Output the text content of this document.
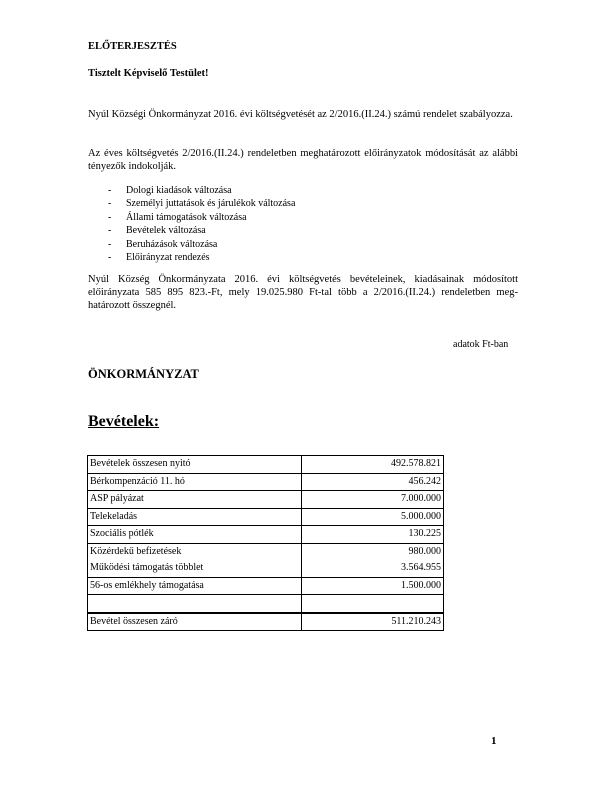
ELŐTERJESZTÉS
Tisztelt Képviselő Testület!
Nyúl Községi Önkormányzat 2016. évi költségvetését az 2/2016.(II.24.) számú rendelet szabályozza.
Az éves költségvetés 2/2016.(II.24.) rendeletben meghatározott előirányzatok módosítását az alábbi tényezők indokolják.
- Dologi kiadások változása
- Személyi juttatások és járulékok változása
- Állami támogatások változása
- Bevételek változása
- Beruházások változása
- Előirányzat rendezés
Nyúl Község Önkormányzata 2016. évi költségvetés bevételeinek, kiadásainak módosított előirányzata 585 895 823.-Ft, mely 19.025.980 Ft-tal több a 2/2016.(II.24.) rendeletben meg-határozott összegnél.
adatok Ft-ban
ÖNKORMÁNYZAT
Bevételek:
Bevételek összesen nyitó	492.578.821
Bérkompenzáció 11. hó	456.242
ASP pályázat	7.000.000
Telekeladás	5.000.000
Szociális pótlék	130.225
Közérdekű befizetések	980.000
Működési támogatás többlet	3.564.955
56-os emlékhely támogatása	1.500.000

Bevétel összesen záró	511.210.243
1
